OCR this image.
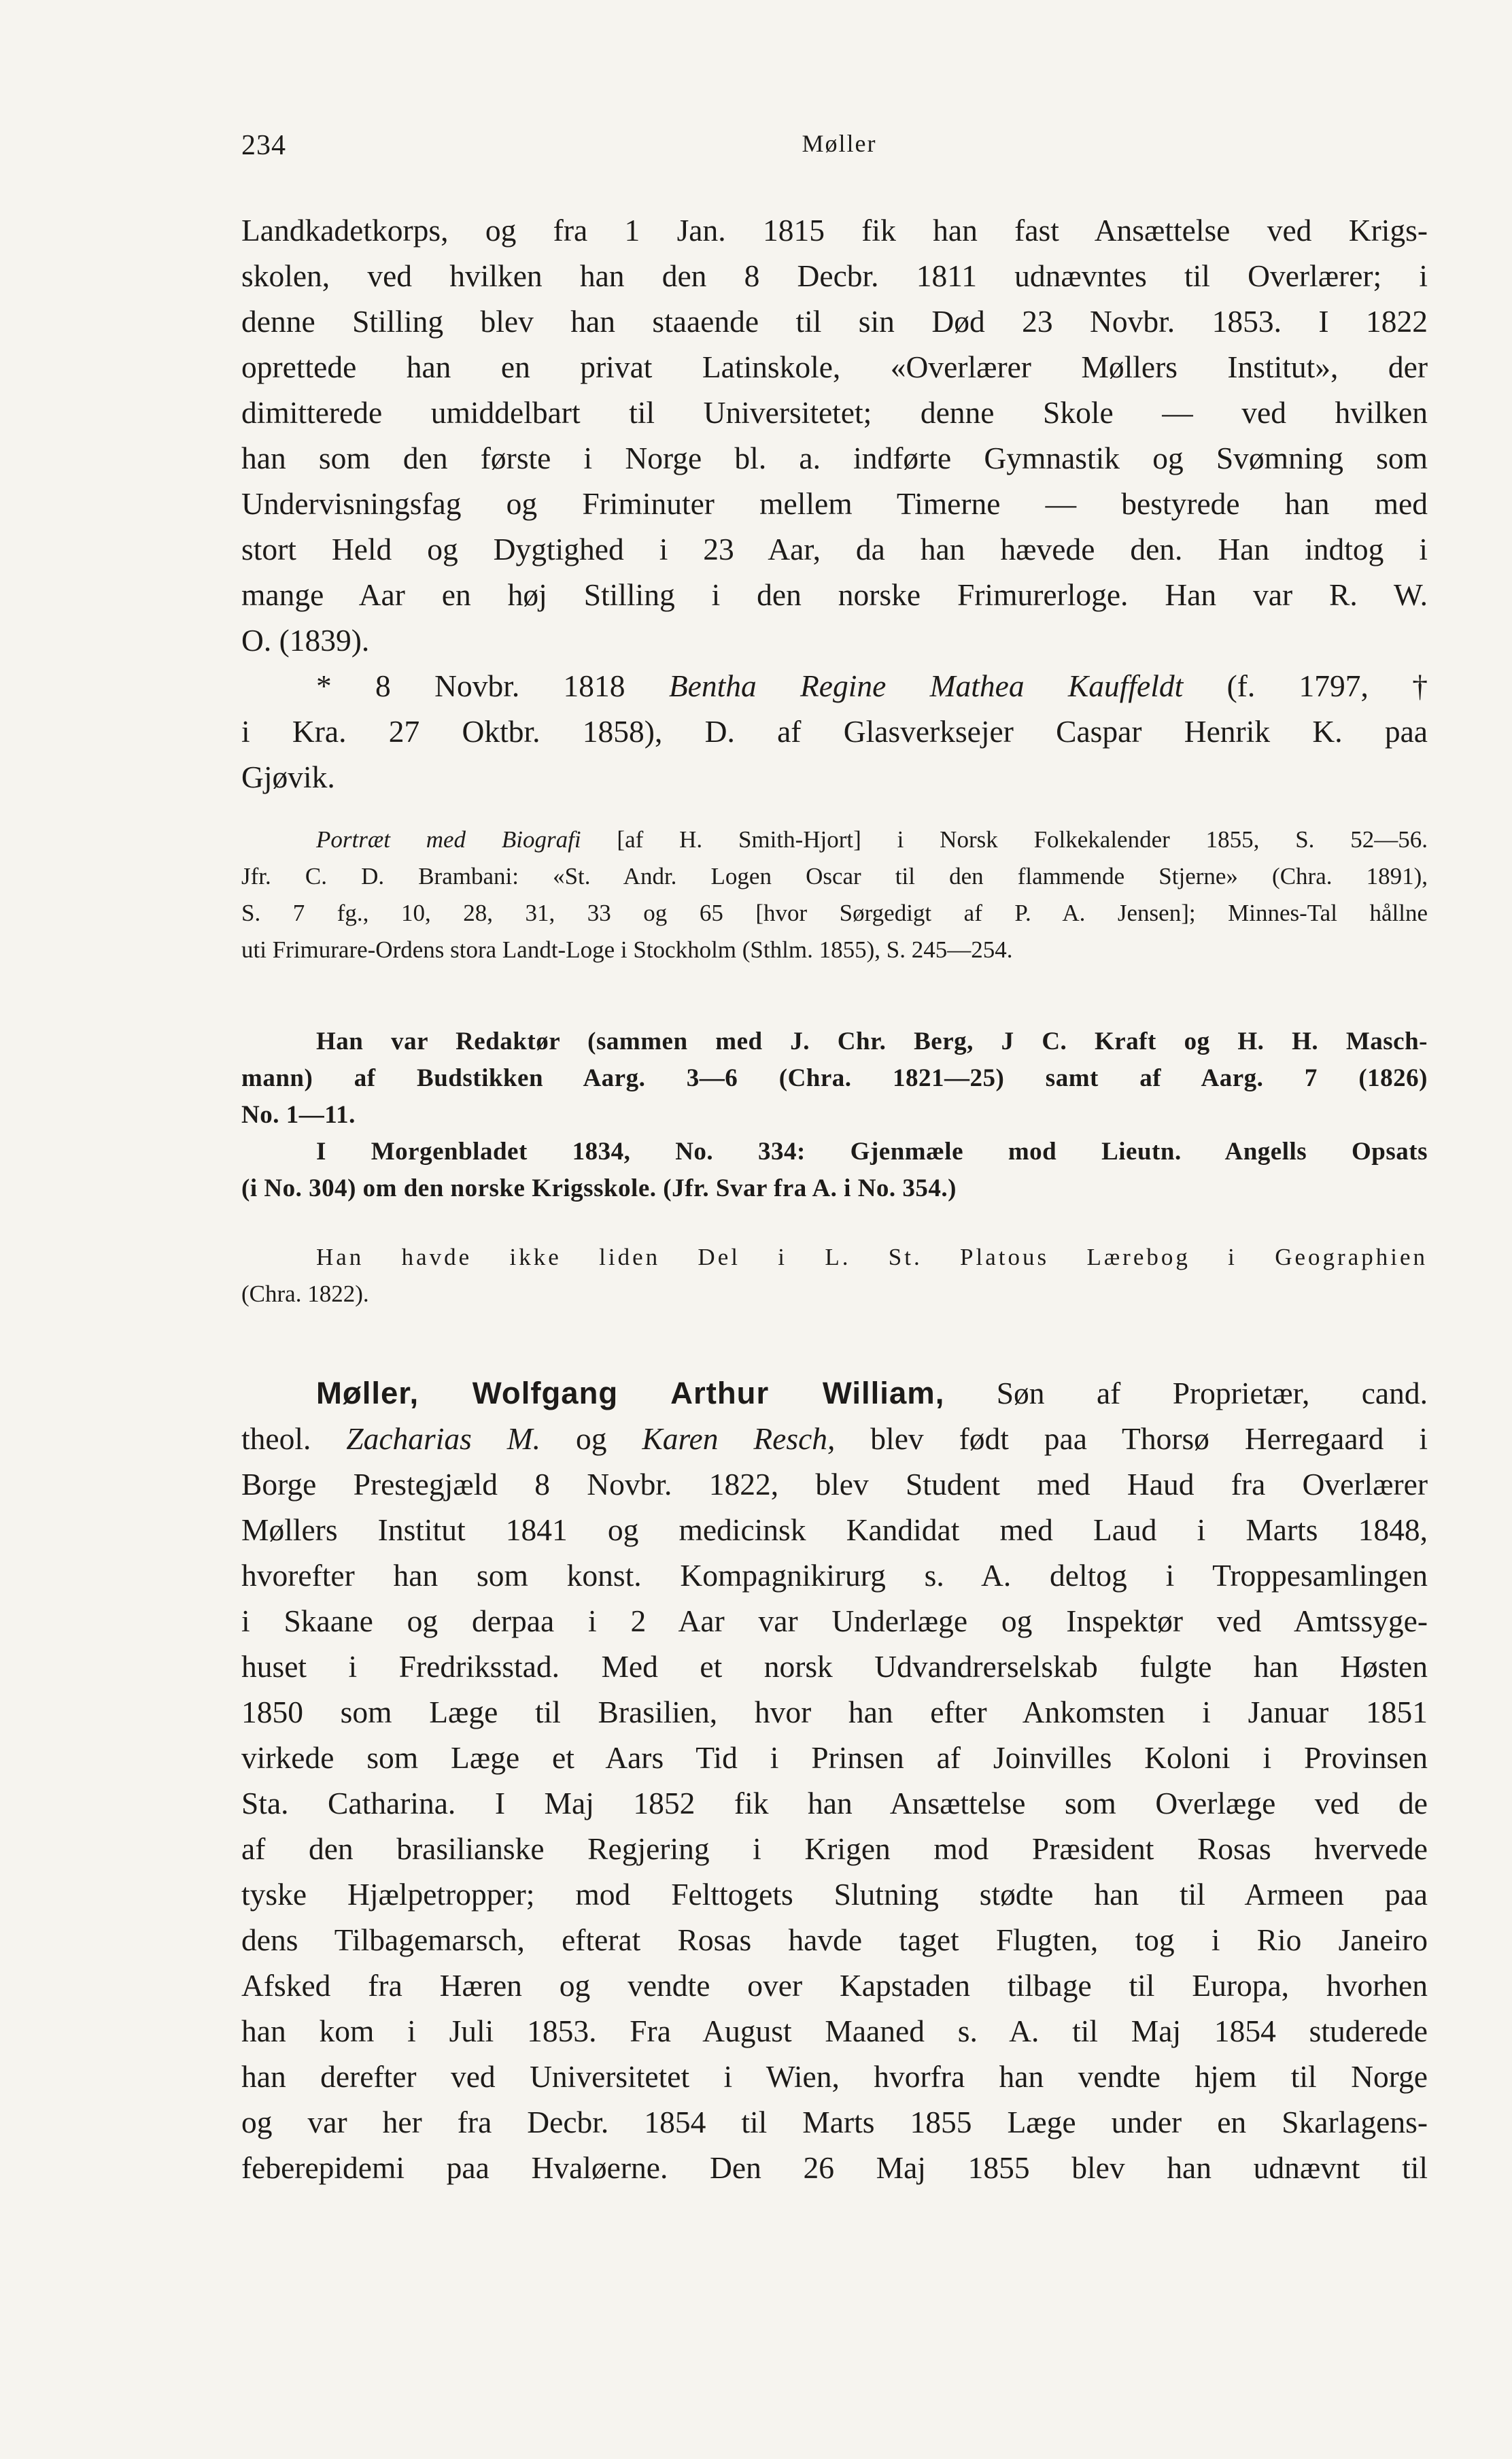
234	Møller
Landkadetkorps, og fra 1 Jan. 1815 fik han fast Ansættelse ved Krigs-
skolen, ved hvilken han den 8 Decbr. 1811 udnævntes til Overlærer; i
denne Stilling blev han staaende til sin Død 23 Novbr. 1853. I 1822
oprettede han en privat Latinskole, «Overlærer Møllers Institut», der
dimitterede umiddelbart til Universitetet; denne Skole — ved hvilken
han som den første i Norge bl. a. indførte Gymnastik og Svømning som
Undervisningsfag og Friminuter mellem Timerne — bestyrede han med
stort Held og Dygtighed i 23 Aar, da han hævede den. Han indtog i
mange Aar en høj Stilling i den norske Frimurerloge. Han var R. W.
O. (1839).
* 8 Novbr. 1818 Bentha Regine Mathea Kauffeldt (f. 1797, †
i Kra. 27 Oktbr. 1858), D. af Glasverksejer Caspar Henrik K. paa
Gjøvik.
Portræt med Biografi [af H. Smith-Hjort] i Norsk Folkekalender 1855, S. 52—56.
Jfr. C. D. Brambani: «St. Andr. Logen Oscar til den flammende Stjerne» (Chra. 1891),
S. 7 fg., 10, 28, 31, 33 og 65 [hvor Sørgedigt af P. A. Jensen]; Minnes-Tal hållne
uti Frimurare-Ordens stora Landt-Loge i Stockholm (Sthlm. 1855), S. 245—254.
Han var Redaktør (sammen med J. Chr. Berg, J C. Kraft og H. H. Masch-
mann) af Budstikken Aarg. 3—6 (Chra. 1821—25) samt af Aarg. 7 (1826)
No. 1—11.
I Morgenbladet 1834, No. 334: Gjenmæle mod Lieutn. Angells Opsats
(i No. 304) om den norske Krigsskole. (Jfr. Svar fra A. i No. 354.)
Han havde ikke liden Del i L. St. Platous Lærebog i Geographien
(Chra. 1822).
Møller, Wolfgang Arthur William, Søn af Proprietær, cand.
theol. Zacharias M. og Karen Resch, blev født paa Thorsø Herregaard i
Borge Prestegjæld 8 Novbr. 1822, blev Student med Haud fra Overlærer
Møllers Institut 1841 og medicinsk Kandidat med Laud i Marts 1848,
hvorefter han som konst. Kompagnikirurg s. A. deltog i Troppesamlingen
i Skaane og derpaa i 2 Aar var Underlæge og Inspektør ved Amtssyge-
huset i Fredriksstad. Med et norsk Udvandrerselskab fulgte han Høsten
1850 som Læge til Brasilien, hvor han efter Ankomsten i Januar 1851
virkede som Læge et Aars Tid i Prinsen af Joinvilles Koloni i Provinsen
Sta. Catharina. I Maj 1852 fik han Ansættelse som Overlæge ved de
af den brasilianske Regjering i Krigen mod Præsident Rosas hvervede
tyske Hjælpetropper; mod Felttogets Slutning stødte han til Armeen paa
dens Tilbagemarsch, efterat Rosas havde taget Flugten, tog i Rio Janeiro
Afsked fra Hæren og vendte over Kapstaden tilbage til Europa, hvorhen
han kom i Juli 1853. Fra August Maaned s. A. til Maj 1854 studerede
han derefter ved Universitetet i Wien, hvorfra han vendte hjem til Norge
og var her fra Decbr. 1854 til Marts 1855 Læge under en Skarlagens-
feberepidemi paa Hvaløerne. Den 26 Maj 1855 blev han udnævnt til
